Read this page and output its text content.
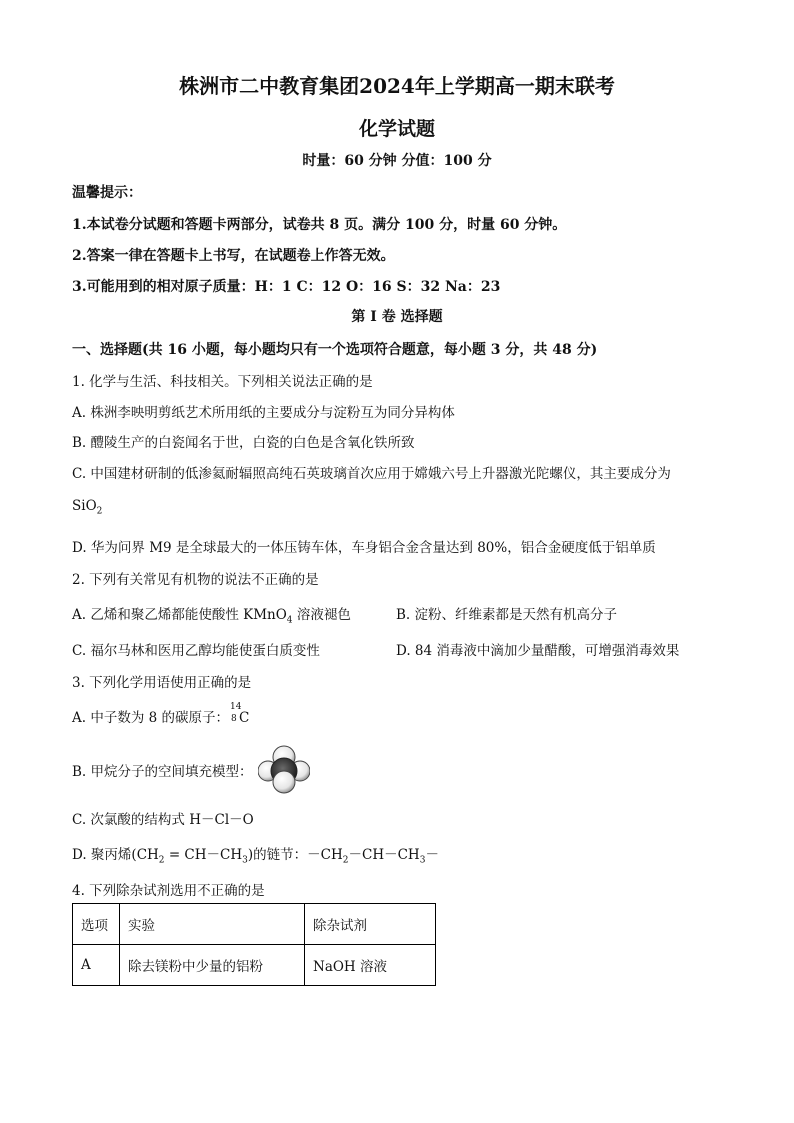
株洲市二中教育集团2024年上学期高一期末联考
化学试题
时量：60 分钟 分值：100 分
温馨提示：
1.本试卷分试题和答题卡两部分，试卷共 8 页。满分 100 分，时量 60 分钟。
2.答案一律在答题卡上书写，在试题卷上作答无效。
3.可能用到的相对原子质量：H：1 C：12 O：16 S：32 Na：23
第 I 卷 选择题
一、选择题(共 16 小题，每小题均只有一个选项符合题意，每小题 3 分，共 48 分)
1. 化学与生活、科技相关。下列相关说法正确的是
A. 株洲李映明剪纸艺术所用纸的主要成分与淀粉互为同分异构体
B. 醴陵生产的白瓷闻名于世，白瓷的白色是含氧化铁所致
C. 中国建材研制的低渗氦耐辐照高纯石英玻璃首次应用于嫦娥六号上升器激光陀螺仪，其主要成分为
SiO$_2$
D. 华为问界 M9 是全球最大的一体压铸车体，车身铝合金含量达到 80%，铝合金硬度低于铝单质
2. 下列有关常见有机物的说法不正确的是
A. 乙烯和聚乙烯都能使酸性 KMnO$_4$ 溶液褪色	B. 淀粉、纤维素都是天然有机高分子
C. 福尔马林和医用乙醇均能使蛋白质变性	D. 84 消毒液中滴加少量醋酸，可增强消毒效果
3. 下列化学用语使用正确的是
A. 中子数为 8 的碳原子：
14
8 C
B. 甲烷分子的空间填充模型：
C. 次氯酸的结构式 H－Cl－O
D. 聚丙烯$(CH_2 = CH-CH_3)$的链节：$-CH_2-CH-CH_3-$
4. 下列除杂试剂选用不正确的是
选项	实验	除杂试剂
A	除去镁粉中少量的铝粉	NaOH 溶液
